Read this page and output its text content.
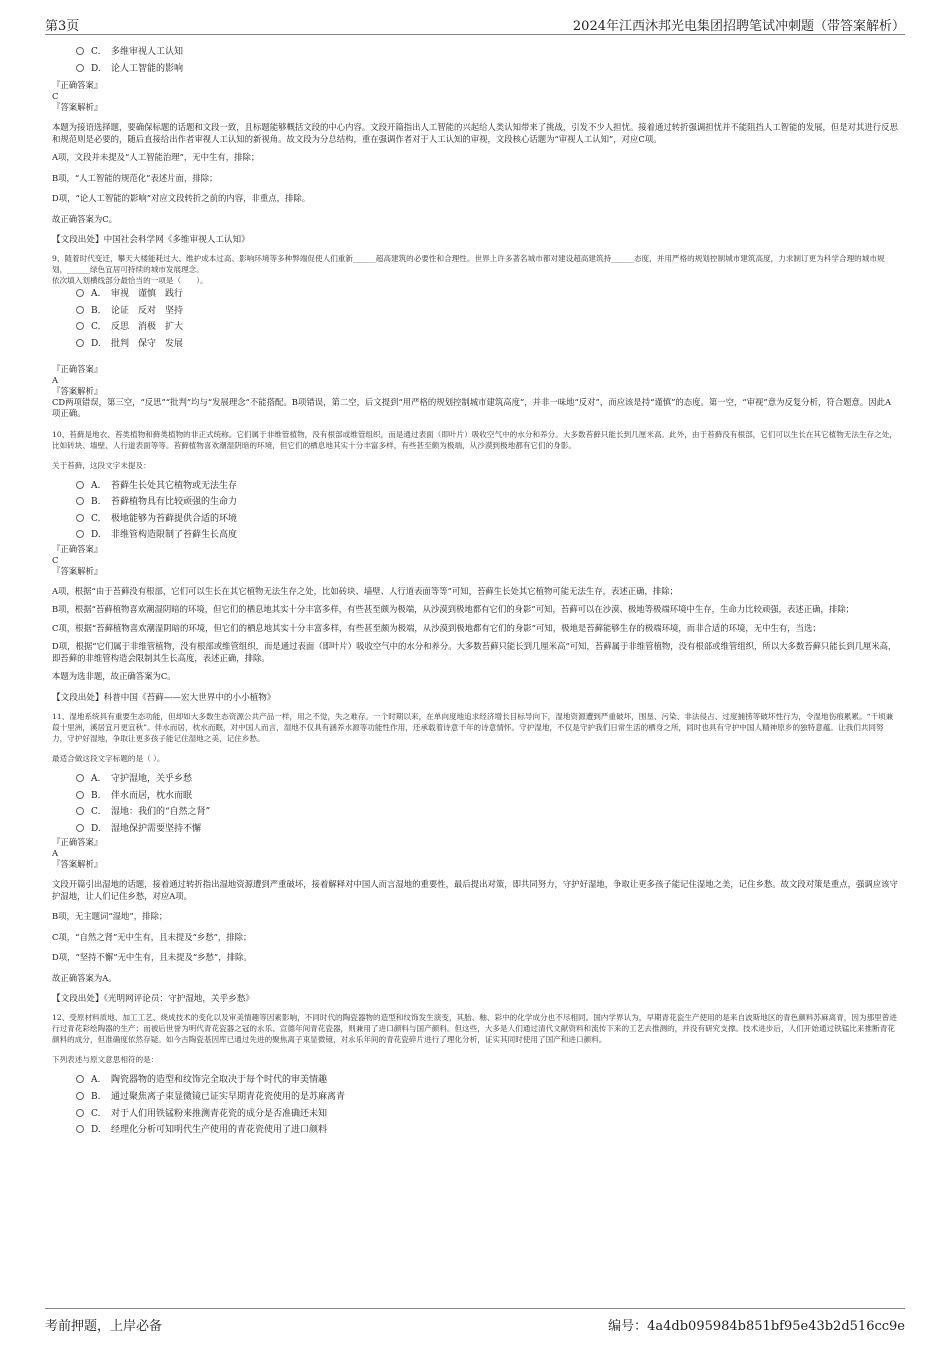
第3页	2024年江西沐邦光电集团招聘笔试冲刺题（带答案解析）
C. 多维审视人工认知
D. 论人工智能的影响

『正确答案』

C

『答案解析』

本题为接语选择题，要确保标题的话题和文段一致，且标题能够概括文段的中心内容。文段开篇指出人工智能的兴起给人类认知带来了挑战，引发不少人担忧。接着通过转折强调担忧并不能阻挡人工智能的发展，但是对其进行反思和规范则是必要的，随后直接给出作者审视人工认知的新视角。故文段为分总结构，重在强调作者对于人工认知的审视，文段核心话题为“审视人工认知”，对应C项。

A项，文段并未提及“人工智能治理”，无中生有，排除；

B项，“人工智能的规范化”表述片面，排除；

D项，“论人工智能的影响”对应文段转折之前的内容，非重点，排除。

故正确答案为C。

【文段出处】中国社会科学网《多维审视人工认知》

9、随着时代变迁，攀天大楼能耗过大、维护成本过高、影响环境等多种弊端促使人们重新______超高建筑的必要性和合理性。世界上许多著名城市都对建设超高建筑持______态度，并用严格的规划控制城市建筑高度，力求制订更为科学合理的城市规划，______绿色宜居可持续的城市发展理念。

依次填入划横线部分最恰当的一项是（　　）。

A. 审视　谨慎　践行
B. 论证　反对　坚持
C. 反思　消极　扩大
D. 批判　保守　发展

『正确答案』

A

『答案解析』

CD两项错误，第三空，“反思”“批判”均与“发展理念”不能搭配。B项错误，第二空，后文提到“用严格的规划控制城市建筑高度”，并非一味地“反对”，而应该是持“谨慎”的态度。第一空，“审视”意为反复分析，符合题意。因此A项正确。

10、苔藓是地衣、苔类植物和藓类植物的非正式统称。它们属于非维管植物，没有根部或维管组织，而是通过表面（即叶片）吸收空气中的水分和养分。大多数苔藓只能长到几厘米高。此外，由于苔藓没有根部，它们可以生长在其它植物无法生存之处，比如砖块、墙壁、人行道表面等等。苔藓植物喜欢潮湿阴暗的环境，但它们的栖息地其实十分丰富多样，有些甚至颇为极端，从沙漠到极地都有它们的身影。

关于苔藓，这段文字未提及：

A. 苔藓生长处其它植物或无法生存
B. 苔藓植物具有比较顽强的生命力
C. 极地能够为苔藓提供合适的环境
D. 非维管构造限制了苔藓生长高度

『正确答案』

C

『答案解析』

A项，根据“由于苔藓没有根部，它们可以生长在其它植物无法生存之处，比如砖块、墙壁、人行道表面等等”可知，苔藓生长处其它植物可能无法生存，表述正确，排除；

B项，根据“苔藓植物喜欢潮湿阴暗的环境，但它们的栖息地其实十分丰富多样，有些甚至颇为极端，从沙漠到极地都有它们的身影”可知，苔藓可以在沙漠、极地等极端环境中生存，生命力比较顽强，表述正确，排除；

C项，根据“苔藓植物喜欢潮湿阴暗的环境，但它们的栖息地其实十分丰富多样，有些甚至颇为极端，从沙漠到极地都有它们的身影”可知，极地是苔藓能够生存的极端环境，而非合适的环境，无中生有，当选；

D项，根据“它们属于非维管植物，没有根部或维管组织，而是通过表面（即叶片）吸收空气中的水分和养分。大多数苔藓只能长到几厘米高”可知，苔藓属于非维管植物，没有根部或维管组织，所以大多数苔藓只能长到几厘米高，即苔藓的非维管构造会限制其生长高度，表述正确，排除。

本题为选非题，故正确答案为C。

【文段出处】科普中国《苔藓——宏大世界中的小小植物》

11、湿地系统具有重要生态功能，但却如大多数生态资源公共产品一样，用之不觉，失之难存。一个时期以来，在单向度地追求经济增长目标导向下，湿地资源遭到严重破坏，围垦、污染、非法侵占、过度捕捞等破坏性行为，令湿地伤痕累累。“千顷兼葭十里洲，溪居宜月更宜秋”。伴水而居，枕水而眠，对中国人而言，湿地不仅具有涵养水源等功能性作用，还承载着诗意千年的诗意情怀。守护湿地，不仅是守护我们日常生活的栖身之所，同时也具有守护中国人精神原乡的独特意蕴。让我们共同努力，守护好湿地，争取让更多孩子能记住湿地之美，记住乡愁。

最适合做这段文字标题的是（ ）。

A. 守护湿地，关乎乡愁
B. 伴水而居，枕水而眠
C. 湿地：我们的“自然之肾”
D. 湿地保护需要坚持不懈

『正确答案』

A

『答案解析』

文段开篇引出湿地的话题，接着通过转折指出湿地资源遭到严重破坏，接着解释对中国人而言湿地的重要性，最后提出对策，即共同努力，守护好湿地，争取让更多孩子能记住湿地之美，记住乡愁。故文段对策是重点，强调应该守护湿地，让人们记住乡愁，对应A项。

B项，无主题词“湿地”，排除；

C项，“自然之肾”无中生有，且未提及“乡愁”，排除；

D项，“坚持不懈”无中生有，且未提及“乡愁”，排除。

故正确答案为A。

【文段出处】《光明网评论员：守护湿地，关乎乡愁》

12、受原材料质地、加工工艺、烧成技术的变化以及审美情趣等因素影响，不同时代的陶瓷器物的造型和纹饰发生演变，其胎、釉、彩中的化学成分也不尽相同。国内学界认为，早期青花瓷生产使用的是来自波斯地区的青色颜料苏麻离青，因为那里曾进行过青花彩绘陶器的生产；而被后世誉为明代青花瓷器之冠的永乐、宣德年间青花瓷器，则兼用了进口颜料与国产颜料。但这些，大多是人们通过清代文献资料和流传下来的工艺去推测的，并没有研究支撑。技术进步后，人们开始通过铁锰比来推断青花颜料的成分，但准确度依然存疑。如今古陶瓷基因库已通过先进的聚焦离子束显微镜，对永乐年间的青花瓷碎片进行了理化分析，证实其同时使用了国产和进口颜料。

下列表述与原文意思相符的是：

A. 陶瓷器物的造型和纹饰完全取决于每个时代的审美情趣
B. 通过聚焦离子束显微镜已证实早期青花瓷使用的是苏麻离青
C. 对于人们用铁锰粉来推测青花瓷的成分是否准确还未知
D. 经理化分析可知明代生产使用的青花瓷使用了进口颜料
考前押题，上岸必备	编号：4a4db095984b851bf95e43b2d516cc9e
